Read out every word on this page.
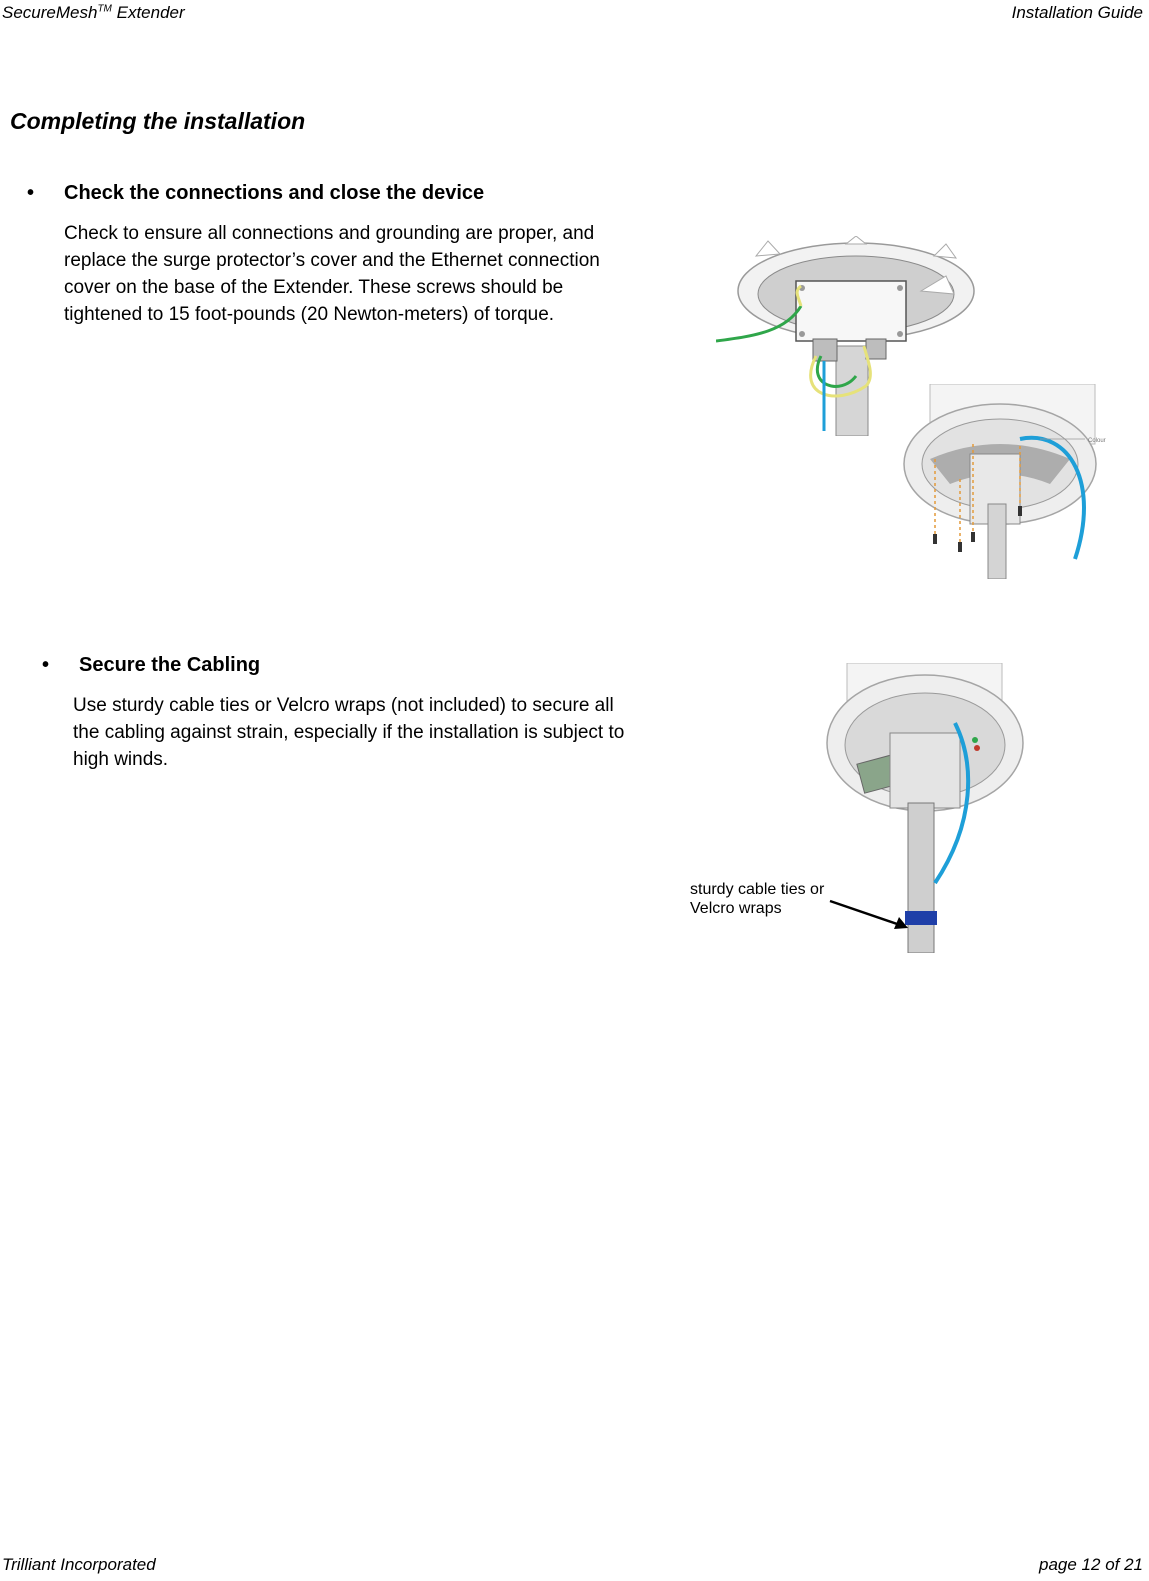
SecureMesh™ Extender	Installation Guide
Completing the installation
• Check the connections and close the device
Check to ensure all connections and grounding are proper, and replace the surge protector’s cover and the Ethernet connection cover on the base of the Extender. These screws should be tightened to 15 foot-pounds (20 Newton-meters) of torque.
Colour
• Secure the Cabling
Use sturdy cable ties or Velcro wraps (not included) to secure all the cabling against strain, especially if the installation is subject to high winds.
sturdy cable ties or Velcro wraps
Trilliant Incorporated	page 12 of 21
